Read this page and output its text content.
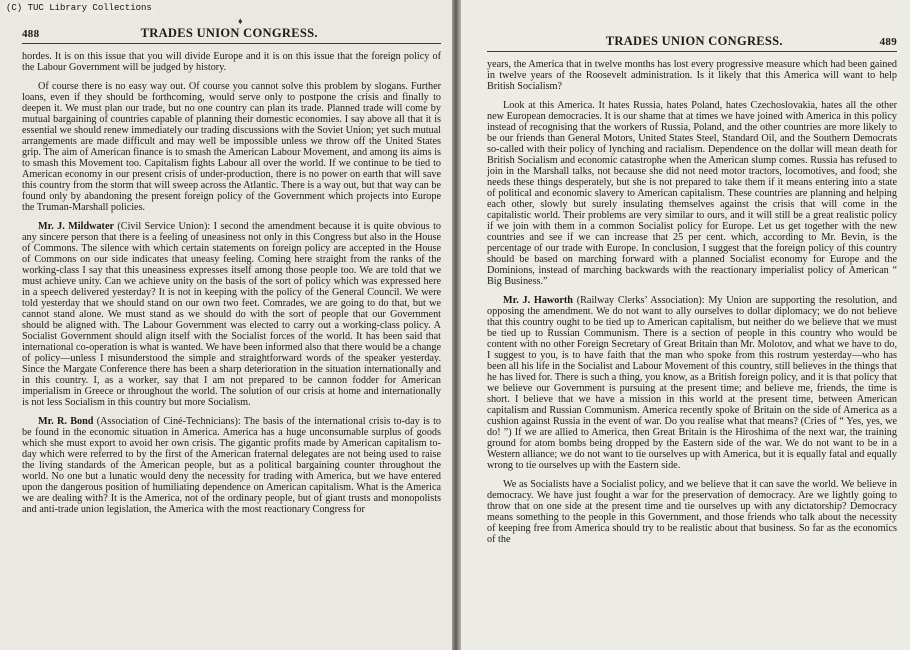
(C) TUC Library Collections
♦
488	TRADES UNION CONGRESS.

hordes. It is on this issue that you will divide Europe and it is on this issue that the foreign policy of the Labour Government will be judged by history.

Of course there is no easy way out. Of course you cannot solve this problem by slogans. Further loans, even if they should be forthcoming, would serve only to postpone the crisis and finally to deepen it. We must plan our trade, but no one country can plan its trade. Planned trade will come by mutual bargaining of countries capable of planning their domestic economies. I say above all that it is essential we should renew immediately our trading discussions with the Soviet Union; yet such mutual arrangements are made difficult and may well be impossible unless we throw off the United States grip. The aim of American finance is to smash the American Labour Movement, and among its aims is to smash this Movement too. Capitalism fights Labour all over the world. If we continue to be tied to American economy in our present crisis of under-production, there is no power on earth that will save this country from the storm that will sweep across the Atlantic. There is a way out, but that way can be found only by abandoning the present foreign policy of the Government which projects into Europe the Truman-Marshall policies.

Mr. J. Mildwater (Civil Service Union): I second the amendment because it is quite obvious to any sincere person that there is a feeling of uneasiness not only in this Congress but also in the House of Commons. The silence with which certain statements on foreign policy are accepted in the House of Commons on our side indicates that uneasy feeling. Coming here straight from the ranks of the working-class I say that this uneasiness expresses itself among those people too. We are told that we must achieve unity. Can we achieve unity on the basis of the sort of policy which was expressed here in a speech delivered yesterday? It is not in keeping with the policy of the General Council. We were told yesterday that we should stand on our own two feet. Comrades, we are going to do that, but we cannot stand alone. We must stand as we should do with the sort of people that our Government should be aligned with. The Labour Government was elected to carry out a working-class policy. A Socialist Government should align itself with the Socialist forces of the world. It has been said that international co-operation is what is wanted. We have been informed also that there would be a change of policy—unless I misunderstood the simple and straightforward words of the speaker yesterday. Since the Margate Conference there has been a sharp deterioration in the situation internationally and in this country. I, as a worker, say that I am not prepared to be cannon fodder for American imperialism in Greece or throughout the world. The solution of our crisis at home and internationally is not less Socialism in this country but more Socialism.

Mr. R. Bond (Association of Ciné-Technicians): The basis of the international crisis to-day is to be found in the economic situation in America. America has a huge unconsumable surplus of goods which she must export to avoid her own crisis. The gigantic profits made by American capitalism to-day which were referred to by the first of the American fraternal delegates are not being used to raise the living standards of the American people, but as a political bargaining counter throughout the world. No one but a lunatic would deny the necessity for trading with America, but we have entered upon the dangerous position of humiliating dependence on American capitalism. What is the America we are dealing with? It is the America, not of the ordinary people, but of giant trusts and monopolists and anti-trade union legislation, the America with the most reactionary Congress for

TRADES UNION CONGRESS.	489

years, the America that in twelve months has lost every progressive measure which had been gained in twelve years of the Roosevelt administration. Is it likely that this America will want to help British Socialism?

Look at this America. It hates Russia, hates Poland, hates Czechoslovakia, hates all the other new European democracies. It is our shame that at times we have joined with America in this policy instead of recognising that the workers of Russia, Poland, and the other countries are more likely to be our friends than General Motors, United States Steel, Standard Oil, and the Southern Democrats so-called with their policy of lynching and racialism. Dependence on the dollar will mean death for British Socialism and economic catastrophe when the American slump comes. Russia has refused to join in the Marshall talks, not because she did not need motor tractors, locomotives, and food; she needs these things desperately, but she is not prepared to take them if it means entering into a state of political and economic slavery to American capitalism. These countries are planning and helping each other, slowly but surely insulating themselves against the crisis that will come in the capitalistic world. Their problems are very similar to ours, and it will still be a great realistic policy if we join with them in a common Socialist policy for Europe. Let us get together with the new countries and see if we can increase that 25 per cent. which, according to Mr. Bevin, is the percentage of our trade with Europe. In conclusion, I suggest that the foreign policy of this country should be based on marching forward with a planned Socialist economy for Europe and the Dominions, instead of marching backwards with the reactionary imperialist policy of American “ Big Business.”

Mr. J. Haworth (Railway Clerks’ Association): My Union are supporting the resolution, and opposing the amendment. We do not want to ally ourselves to dollar diplomacy; we do not believe that this country ought to be tied up to American capitalism, but neither do we believe that we must be tied up to Russian Communism. There is a section of people in this country who would be content with no other Foreign Secretary of Great Britain than Mr. Molotov, and what we have to do, I suggest to you, is to have faith that the man who spoke from this rostrum yesterday—who has been all his life in the Socialist and Labour Movement of this country, still believes in the things that he has lived for. There is such a thing, you know, as a British foreign policy, and it is that policy that we believe our Government is pursuing at the present time; and believe me, friends, the time is short. I believe that we have a mission in this world at the present time, between American capitalism and Russian Communism. America recently spoke of Britain on the side of America as a cushion against Russia in the event of war. Do you realise what that means? (Cries of “ Yes, yes, we do! ”) If we are allied to America, then Great Britain is the Hiroshima of the next war, the training ground for atom bombs being dropped by the Eastern side of the war. We do not want to be in a Western alliance; we do not want to tie ourselves up with America, but it is equally fatal and equally wrong to tie ourselves up with the Eastern side.

We as Socialists have a Socialist policy, and we believe that it can save the world. We believe in democracy. We have just fought a war for the preservation of democracy. Are we lightly going to throw that on one side at the present time and tie ourselves up with any dictatorship? Democracy means something to the people in this Government, and those friends who talk about the necessity of keeping free from America should try to be realistic about that business. So far as the economics of the
